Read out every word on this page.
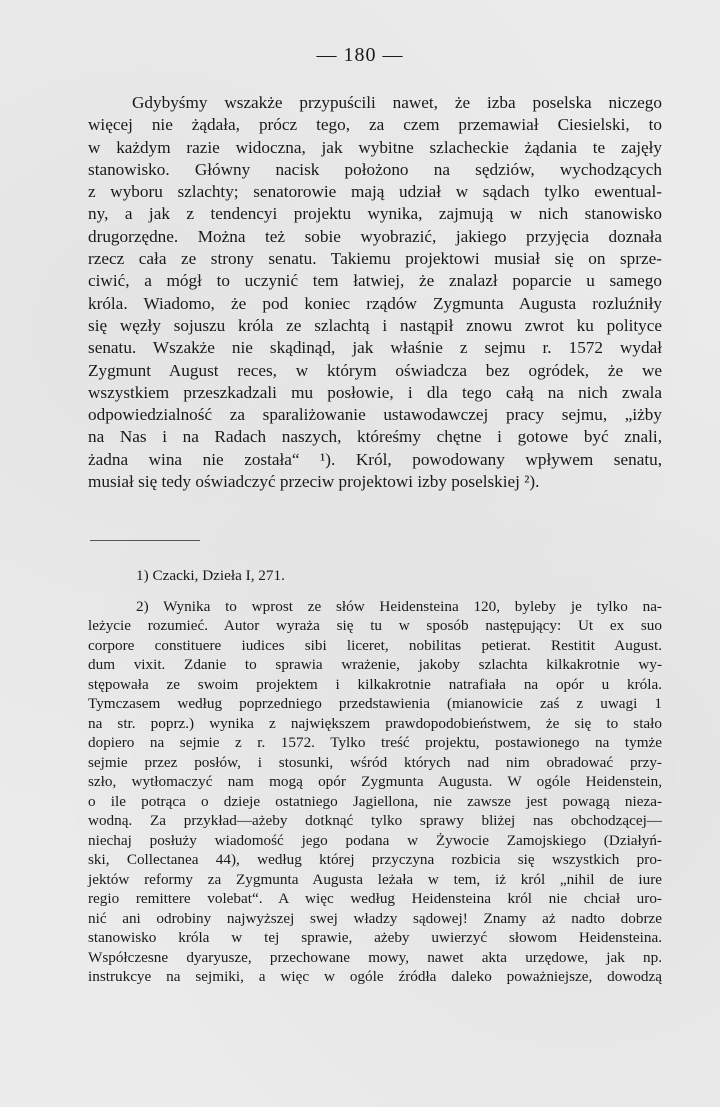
— 180 —
Gdybyśmy wszakże przypuścili nawet, że izba poselska niczego
więcej nie żądała, prócz tego, za czem przemawiał Ciesielski, to
w każdym razie widoczna, jak wybitne szlacheckie żądania te zajęły
stanowisko. Główny nacisk położono na sędziów, wychodzących
z wyboru szlachty; senatorowie mają udział w sądach tylko ewentual-
ny, a jak z tendencyi projektu wynika, zajmują w nich stanowisko
drugorzędne. Można też sobie wyobrazić, jakiego przyjęcia doznała
rzecz cała ze strony senatu. Takiemu projektowi musiał się on sprze-
ciwić, a mógł to uczynić tem łatwiej, że znalazł poparcie u samego
króla. Wiadomo, że pod koniec rządów Zygmunta Augusta rozluźniły
się węzły sojuszu króla ze szlachtą i nastąpił znowu zwrot ku polityce
senatu. Wszakże nie skądinąd, jak właśnie z sejmu r. 1572 wydał
Zygmunt August reces, w którym oświadcza bez ogródek, że we
wszystkiem przeszkadzali mu posłowie, i dla tego całą na nich zwala
odpowiedzialność za sparaliżowanie ustawodawczej pracy sejmu, „iżby
na Nas i na Radach naszych, któreśmy chętne i gotowe być znali,
żadna wina nie została“ ¹). Król, powodowany wpływem senatu,
musiał się tedy oświadczyć przeciw projektowi izby poselskiej ²).
1) Czacki, Dzieła I, 271.
2) Wynika to wprost ze słów Heidensteina 120, byleby je tylko na-
leżycie rozumieć. Autor wyraża się tu w sposób następujący: Ut ex suo
corpore constituere iudices sibi liceret, nobilitas petierat. Restitit August.
dum vixit. Zdanie to sprawia wrażenie, jakoby szlachta kilkakrotnie wy-
stępowała ze swoim projektem i kilkakrotnie natrafiała na opór u króla.
Tymczasem według poprzedniego przedstawienia (mianowicie zaś z uwagi 1
na str. poprz.) wynika z największem prawdopodobieństwem, że się to stało
dopiero na sejmie z r. 1572. Tylko treść projektu, postawionego na tymże
sejmie przez posłów, i stosunki, wśród których nad nim obradować przy-
szło, wytłomaczyć nam mogą opór Zygmunta Augusta. W ogóle Heidenstein,
o ile potrąca o dzieje ostatniego Jagiellona, nie zawsze jest powagą nieza-
wodną. Za przykład—ażeby dotknąć tylko sprawy bliżej nas obchodzącej—
niechaj posłuży wiadomość jego podana w Żywocie Zamojskiego (Działyń-
ski, Collectanea 44), według której przyczyna rozbicia się wszystkich pro-
jektów reformy za Zygmunta Augusta leżała w tem, iż król „nihil de iure
regio remittere volebat“. A więc według Heidensteina król nie chciał uro-
nić ani odrobiny najwyższej swej władzy sądowej! Znamy aż nadto dobrze
stanowisko króla w tej sprawie, ażeby uwierzyć słowom Heidensteina.
Współczesne dyaryusze, przechowane mowy, nawet akta urzędowe, jak np.
instrukcye na sejmiki, a więc w ogóle źródła daleko poważniejsze, dowodzą
